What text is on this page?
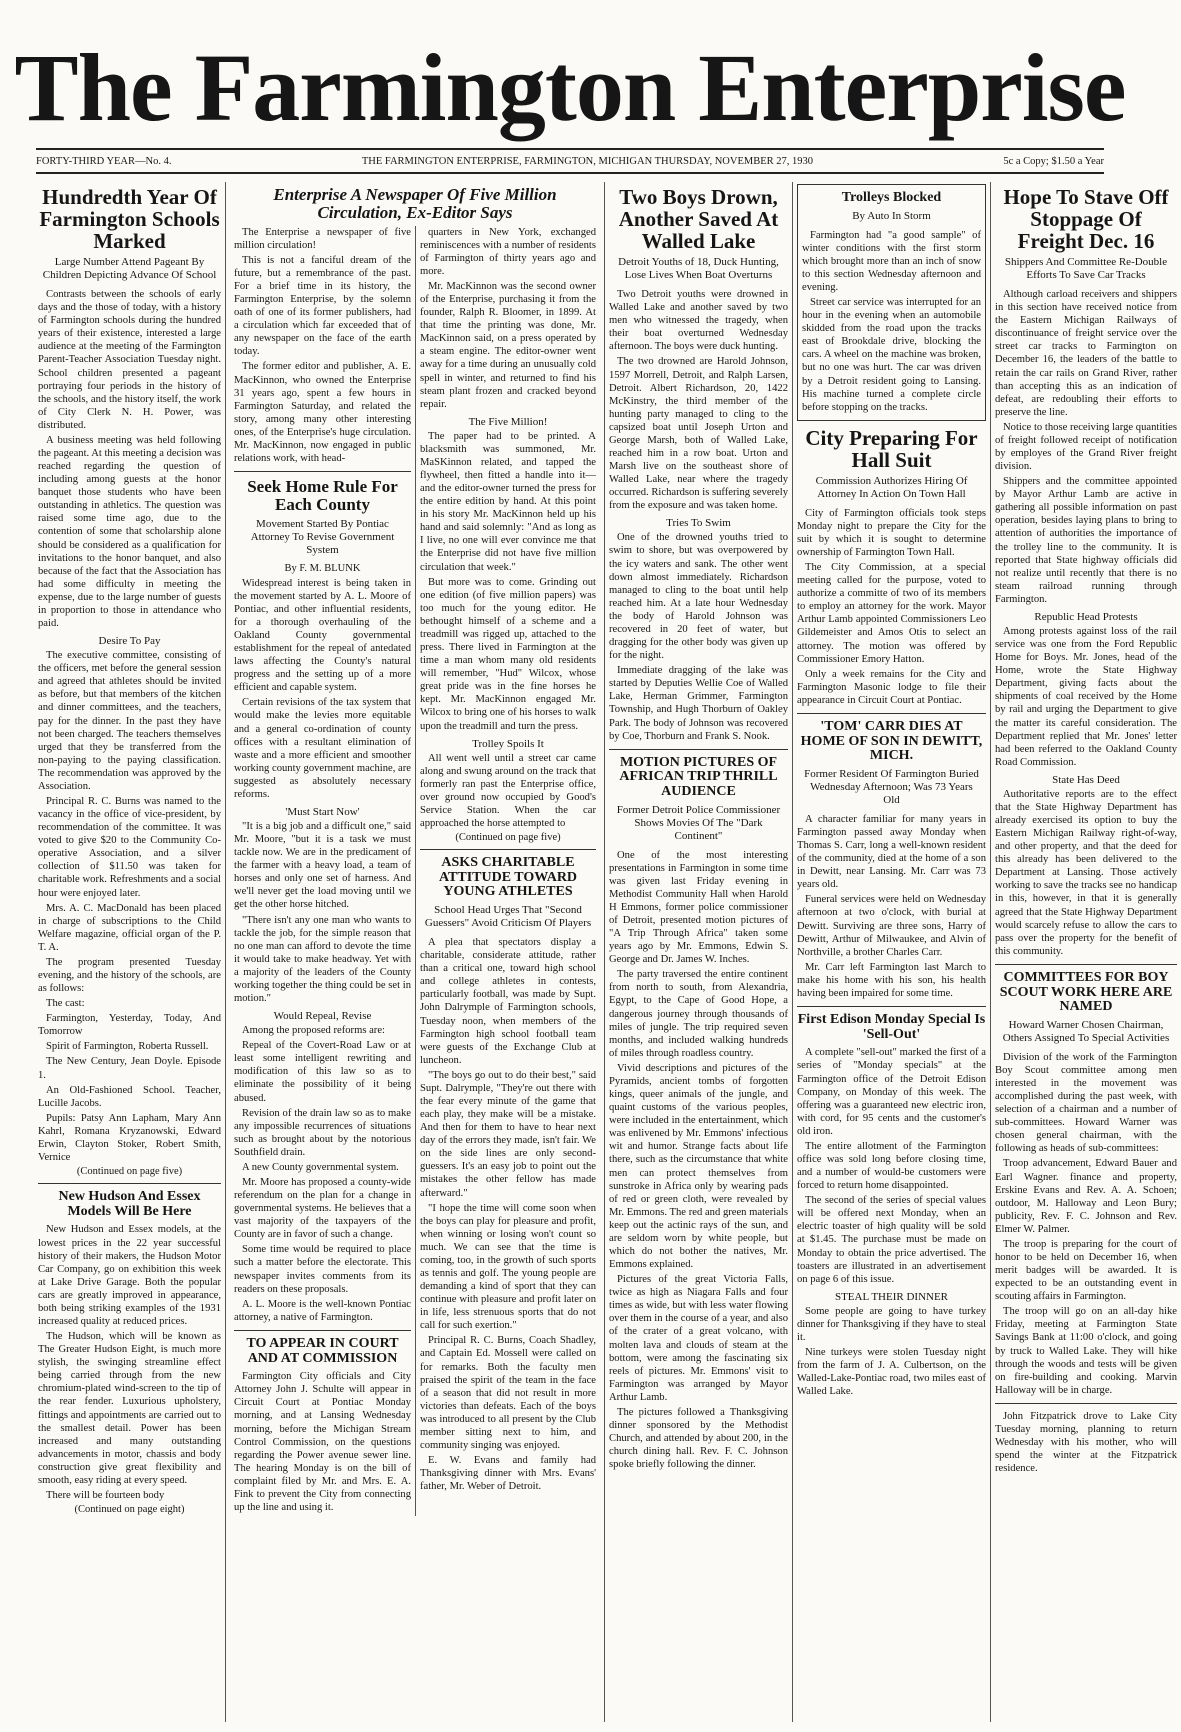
The Farmington Enterprise
FORTY-THIRD YEAR—No. 4.	THE FARMINGTON ENTERPRISE, FARMINGTON, MICHIGAN THURSDAY, NOVEMBER 27, 1930	5c a Copy; $1.50 a Year
Hundredth Year Of Farmington Schools Marked
Large Number Attend Pageant By Children Depicting Advance Of School

Contrasts between the schools of early days and the those of today, with a history of Farmington schools during the hundred years of their existence, interested a large audience at the meeting of the Farmington Parent-Teacher Association Tuesday night. School children presented a pageant portraying four periods in the history of the schools, and the history itself, the work of City Clerk N. H. Power, was distributed.

A business meeting was held following the pageant. At this meeting a decision was reached regarding the question of including among guests at the honor banquet those students who have been outstanding in athletics. The question was raised some time ago, due to the contention of some that scholarship alone should be considered as a qualification for invitations to the honor banquet, and also because of the fact that the Association has had some difficulty in meeting the expense, due to the large number of guests in proportion to those in attendance who paid.

Desire To Pay

The executive committee, consisting of the officers, met before the general session and agreed that athletes should be invited as before, but that members of the kitchen and dinner committees, and the teachers, pay for the dinner. In the past they have not been charged. The teachers themselves urged that they be transferred from the non-paying to the paying classification. The recommendation was approved by the Association.

Principal R. C. Burns was named to the vacancy in the office of vice-president, by recommendation of the committee. It was voted to give $20 to the Community Co-operative Association, and a silver collection of $11.50 was taken for charitable work. Refreshments and a social hour were enjoyed later.

Mrs. A. C. MacDonald has been placed in charge of subscriptions to the Child Welfare magazine, official organ of the P. T. A.

The program presented Tuesday evening, and the history of the schools, are as follows:

The cast:

Farmington, Yesterday, Today, And Tomorrow

Spirit of Farmington, Roberta Russell.

The New Century, Jean Doyle. Episode 1.

An Old-Fashioned School. Teacher, Lucille Jacobs.

Pupils: Patsy Ann Lapham, Mary Ann Kahrl, Romana Kryzanowski, Edward Erwin, Clayton Stoker, Robert Smith, Vernice

(Continued on page five)
New Hudson And Essex Models Will Be Here

New Hudson and Essex models, at the lowest prices in the 22 year successful history of their makers, the Hudson Motor Car Company, go on exhibition this week at Lake Drive Garage. Both the popular cars are greatly improved in appearance, both being striking examples of the 1931 increased quality at reduced prices.

The Hudson, which will be known as The Greater Hudson Eight, is much more stylish, the swinging streamline effect being carried through from the new chromium-plated wind-screen to the tip of the rear fender. Luxurious upholstery, fittings and appointments are carried out to the smallest detail. Power has been increased and many outstanding advancements in motor, chassis and body construction give great flexibility and smooth, easy riding at every speed.

There will be fourteen body

(Continued on page eight)
Enterprise A Newspaper Of Five Million Circulation, Ex-Editor Says

The Enterprise a newspaper of five million circulation!

This is not a fanciful dream of the future, but a remembrance of the past. For a brief time in its history, the Farmington Enterprise, by the solemn oath of one of its former publishers, had a circulation which far exceeded that of any newspaper on the face of the earth today.

The former editor and publisher, A. E. MacKinnon, who owned the Enterprise 31 years ago, spent a few hours in Farmington Saturday, and related the story, among many other interesting ones, of the Enterprise's huge circulation. Mr. MacKinnon, now engaged in public relations work, with head-

Seek Home Rule For Each County
Movement Started By Pontiac Attorney To Revise Government System
By F. M. BLUNK

Widespread interest is being taken in the movement started by A. L. Moore of Pontiac, and other influential residents, for a thorough overhauling of the Oakland County governmental establishment for the repeal of antedated laws affecting the County's natural progress and the setting up of a more efficient and capable system.

Certain revisions of the tax system that would make the levies more equitable and a general co-ordination of county offices with a resultant elimination of waste and a more efficient and smoother working county government machine, are suggested as absolutely necessary reforms.

'Must Start Now'

"It is a big job and a difficult one," said Mr. Moore, "but it is a task we must tackle now. We are in the predicament of the farmer with a heavy load, a team of horses and only one set of harness. And we'll never get the load moving until we get the other horse hitched.

"There isn't any one man who wants to tackle the job, for the simple reason that no one man can afford to devote the time it would take to make headway. Yet with a majority of the leaders of the County working together the thing could be set in motion."

Would Repeal, Revise

Among the proposed reforms are:

Repeal of the Covert-Road Law or at least some intelligent rewriting and modification of this law so as to eliminate the possibility of it being abused.

Revision of the drain law so as to make any impossible recurrences of situations such as brought about by the notorious Southfield drain.

A new County governmental system.

Mr. Moore has proposed a county-wide referendum on the plan for a change in governmental systems. He believes that a vast majority of the taxpayers of the County are in favor of such a change.

Some time would be required to place such a matter before the electorate. This newspaper invites comments from its readers on these proposals.

A. L. Moore is the well-known Pontiac attorney, a native of Farmington.

TO APPEAR IN COURT AND AT COMMISSION

Farmington City officials and City Attorney John J. Schulte will appear in Circuit Court at Pontiac Monday morning, and at Lansing Wednesday morning, before the Michigan Stream Control Commission, on the questions regarding the Power avenue sewer line. The hearing Monday is on the bill of complaint filed by Mr. and Mrs. E. A. Fink to prevent the City from connecting up the line and using it.

quarters in New York, exchanged reminiscences with a number of residents of Farmington of thirty years ago and more.

Mr. MacKinnon was the second owner of the Enterprise, purchasing it from the founder, Ralph R. Bloomer, in 1899. At that time the printing was done, Mr. MacKinnon said, on a press operated by a steam engine. The editor-owner went away for a time during an unusually cold spell in winter, and returned to find his steam plant frozen and cracked beyond repair.

The Five Million!

The paper had to be printed. A blacksmith was summoned, Mr. MaSKinnon related, and tapped the flywheel, then fitted a handle into it—and the editor-owner turned the press for the entire edition by hand. At this point in his story Mr. MacKinnon held up his hand and said solemnly: "And as long as I live, no one will ever convince me that the Enterprise did not have five million circulation that week."

But more was to come. Grinding out one edition (of five million papers) was too much for the young editor. He bethought himself of a scheme and a treadmill was rigged up, attached to the press. There lived in Farmington at the time a man whom many old residents will remember, "Hud" Wilcox, whose great pride was in the fine horses he kept. Mr. MacKinnon engaged Mr. Wilcox to bring one of his horses to walk upon the treadmill and turn the press.

Trolley Spoils It

All went well until a street car came along and swung around on the track that formerly ran past the Enterprise office, over ground now occupied by Good's Service Station. When the car approached the horse attempted to

(Continued on page five)
ASKS CHARITABLE ATTITUDE TOWARD YOUNG ATHLETES
School Head Urges That "Second Guessers" Avoid Criticism Of Players

A plea that spectators display a charitable, considerate attitude, rather than a critical one, toward high school and college athletes in contests, particularly football, was made by Supt. John Dalrymple of Farmington schools, Tuesday noon, when members of the Farmington high school football team were guests of the Exchange Club at luncheon.

"The boys go out to do their best," said Supt. Dalrymple, "They're out there with the fear every minute of the game that each play, they make will be a mistake. And then for them to have to hear next day of the errors they made, isn't fair. We on the side lines are only second-guessers. It's an easy job to point out the mistakes the other fellow has made afterward."

"I hope the time will come soon when the boys can play for pleasure and profit, when winning or losing won't count so much. We can see that the time is coming, too, in the growth of such sports as tennis and golf. The young people are demanding a kind of sport that they can continue with pleasure and profit later on in life, less strenuous sports that do not call for such exertion."

Principal R. C. Burns, Coach Shadley, and Captain Ed. Mossell were called on for remarks. Both the faculty men praised the spirit of the team in the face of a season that did not result in more victories than defeats. Each of the boys was introduced to all present by the Club member sitting next to him, and community singing was enjoyed.

E. W. Evans and family had Thanksgiving dinner with Mrs. Evans' father, Mr. Weber of Detroit.

Two Boys Drown, Another Saved At Walled Lake
Detroit Youths of 18, Duck Hunting, Lose Lives When Boat Overturns

Two Detroit youths were drowned in Walled Lake and another saved by two men who witnessed the tragedy, when their boat overturned Wednesday afternoon. The boys were duck hunting.

The two drowned are Harold Johnson, 1597 Morrell, Detroit, and Ralph Larsen, Detroit. Albert Richardson, 20, 1422 McKinstry, the third member of the hunting party managed to cling to the capsized boat until Joseph Urton and George Marsh, both of Walled Lake, reached him in a row boat. Urton and Marsh live on the southeast shore of Walled Lake, near where the tragedy occurred. Richardson is suffering severely from the exposure and was taken home.

Tries To Swim

One of the drowned youths tried to swim to shore, but was overpowered by the icy waters and sank. The other went down almost immediately. Richardson managed to cling to the boat until help reached him. At a late hour Wednesday the body of Harold Johnson was recovered in 20 feet of water, but dragging for the other body was given up for the night.

Immediate dragging of the lake was started by Deputies Wellie Coe of Walled Lake, Herman Grimmer, Farmington Township, and Hugh Thorburn of Oakley Park. The body of Johnson was recovered by Coe, Thorburn and Frank S. Nook.

MOTION PICTURES OF AFRICAN TRIP THRILL AUDIENCE
Former Detroit Police Commissioner Shows Movies Of The "Dark Continent"

One of the most interesting presentations in Farmington in some time was given last Friday evening in Methodist Community Hall when Harold H Emmons, former police commissioner of Detroit, presented motion pictures of "A Trip Through Africa" taken some years ago by Mr. Emmons, Edwin S. George and Dr. James W. Inches.

The party traversed the entire continent from north to south, from Alexandria, Egypt, to the Cape of Good Hope, a dangerous journey through thousands of miles of jungle. The trip required seven months, and included walking hundreds of miles through roadless country.

Vivid descriptions and pictures of the Pyramids, ancient tombs of forgotten kings, queer animals of the jungle, and quaint customs of the various peoples, were included in the entertainment, which was enlivened by Mr. Emmons' infectious wit and humor. Strange facts about life there, such as the circumstance that white men can protect themselves from sunstroke in Africa only by wearing pads of red or green cloth, were revealed by Mr. Emmons. The red and green materials keep out the actinic rays of the sun, and are seldom worn by white people, but which do not bother the natives, Mr. Emmons explained.

Pictures of the great Victoria Falls, twice as high as Niagara Falls and four times as wide, but with less water flowing over them in the course of a year, and also of the crater of a great volcano, with molten lava and clouds of steam at the bottom, were among the fascinating six reels of pictures. Mr. Emmons' visit to Farmington was arranged by Mayor Arthur Lamb.

The pictures followed a Thanksgiving dinner sponsored by the Methodist Church, and attended by about 200, in the church dining hall. Rev. F. C. Johnson spoke briefly following the dinner.

Trolleys Blocked
By Auto In Storm

Farmington had "a good sample" of winter conditions with the first storm which brought more than an inch of snow to this section Wednesday afternoon and evening.

Street car service was interrupted for an hour in the evening when an automobile skidded from the road upon the tracks east of Brookdale drive, blocking the cars. A wheel on the machine was broken, but no one was hurt. The car was driven by a Detroit resident going to Lansing. His machine turned a complete circle before stopping on the tracks.

City Preparing For Hall Suit
Commission Authorizes Hiring Of Attorney In Action On Town Hall

City of Farmington officials took steps Monday night to prepare the City for the suit by which it is sought to determine ownership of Farmington Town Hall.

The City Commission, at a special meeting called for the purpose, voted to authorize a committe of two of its members to employ an attorney for the work. Mayor Arthur Lamb appointed Commissioners Leo Gildemeister and Amos Otis to select an attorney. The motion was offered by Commissioner Emory Hatton.

Only a week remains for the City and Farmington Masonic lodge to file their appearance in Circuit Court at Pontiac.

'TOM' CARR DIES AT HOME OF SON IN DEWITT, MICH.
Former Resident Of Farmington Buried Wednesday Afternoon; Was 73 Years Old

A character familiar for many years in Farmington passed away Monday when Thomas S. Carr, long a well-known resident of the community, died at the home of a son in Dewitt, near Lansing. Mr. Carr was 73 years old.

Funeral services were held on Wednesday afternoon at two o'clock, with burial at Dewitt. Surviving are three sons, Harry of Dewitt, Arthur of Milwaukee, and Alvin of Northville, a brother Charles Carr.

Mr. Carr left Farmington last March to make his home with his son, his health having been impaired for some time.

First Edison Monday Special Is 'Sell-Out'

A complete "sell-out" marked the first of a series of "Monday specials" at the Farmington office of the Detroit Edison Company, on Monday of this week. The offering was a guaranteed new electric iron, with cord, for 95 cents and the customer's old iron.

The entire allotment of the Farmington office was sold long before closing time, and a number of would-be customers were forced to return home disappointed.

The second of the series of special values will be offered next Monday, when an electric toaster of high quality will be sold at $1.45. The purchase must be made on Monday to obtain the price advertised. The toasters are illustrated in an advertisement on page 6 of this issue.

STEAL THEIR DINNER

Some people are going to have turkey dinner for Thanksgiving if they have to steal it.

Nine turkeys were stolen Tuesday night from the farm of J. A. Culbertson, on the Walled-Lake-Pontiac road, two miles east of Walled Lake.

Hope To Stave Off Stoppage Of Freight Dec. 16
Shippers And Committee Re-Double Efforts To Save Car Tracks

Although carload receivers and shippers in this section have received notice from the Eastern Michigan Railways of discontinuance of freight service over the street car tracks to Farmington on December 16, the leaders of the battle to retain the car rails on Grand River, rather than accepting this as an indication of defeat, are redoubling their efforts to preserve the line.

Notice to those receiving large quantities of freight followed receipt of notification by employes of the Grand River freight division.

Shippers and the committee appointed by Mayor Arthur Lamb are active in gathering all possible information on past operation, besides laying plans to bring to attention of authorities the importance of the trolley line to the community. It is reported that State highway officials did not realize until recently that there is no steam railroad running through Farmington.

Republic Head Protests

Among protests against loss of the rail service was one from the Ford Republic Home for Boys. Mr. Jones, head of the Home, wrote the State Highway Department, giving facts about the shipments of coal received by the Home by rail and urging the Department to give the matter its careful consideration. The Department replied that Mr. Jones' letter had been referred to the Oakland County Road Commission.

State Has Deed

Authoritative reports are to the effect that the State Highway Department has already exercised its option to buy the Eastern Michigan Railway right-of-way, and other property, and that the deed for this already has been delivered to the Department at Lansing. Those actively working to save the tracks see no handicap in this, however, in that it is generally agreed that the State Highway Department would scarcely refuse to allow the cars to pass over the property for the benefit of this community.

COMMITTEES FOR BOY SCOUT WORK HERE ARE NAMED
Howard Warner Chosen Chairman, Others Assigned To Special Activities

Division of the work of the Farmington Boy Scout committee among men interested in the movement was accomplished during the past week, with selection of a chairman and a number of sub-committees. Howard Warner was chosen general chairman, with the following as heads of sub-committees:

Troop advancement, Edward Bauer and Earl Wagner. finance and property, Erskine Evans and Rev. A. A. Schoen; outdoor, M. Halloway and Leon Bury; publicity, Rev. F. C. Johnson and Rev. Elmer W. Palmer.

The troop is preparing for the court of honor to be held on December 16, when merit badges will be awarded. It is expected to be an outstanding event in scouting affairs in Farmington.

The troop will go on an all-day hike Friday, meeting at Farmington State Savings Bank at 11:00 o'clock, and going by truck to Walled Lake. They will hike through the woods and tests will be given on fire-building and cooking. Marvin Halloway will be in charge.

John Fitzpatrick drove to Lake City Tuesday morning, planning to return Wednesday with his mother, who will spend the winter at the Fitzpatrick residence.
